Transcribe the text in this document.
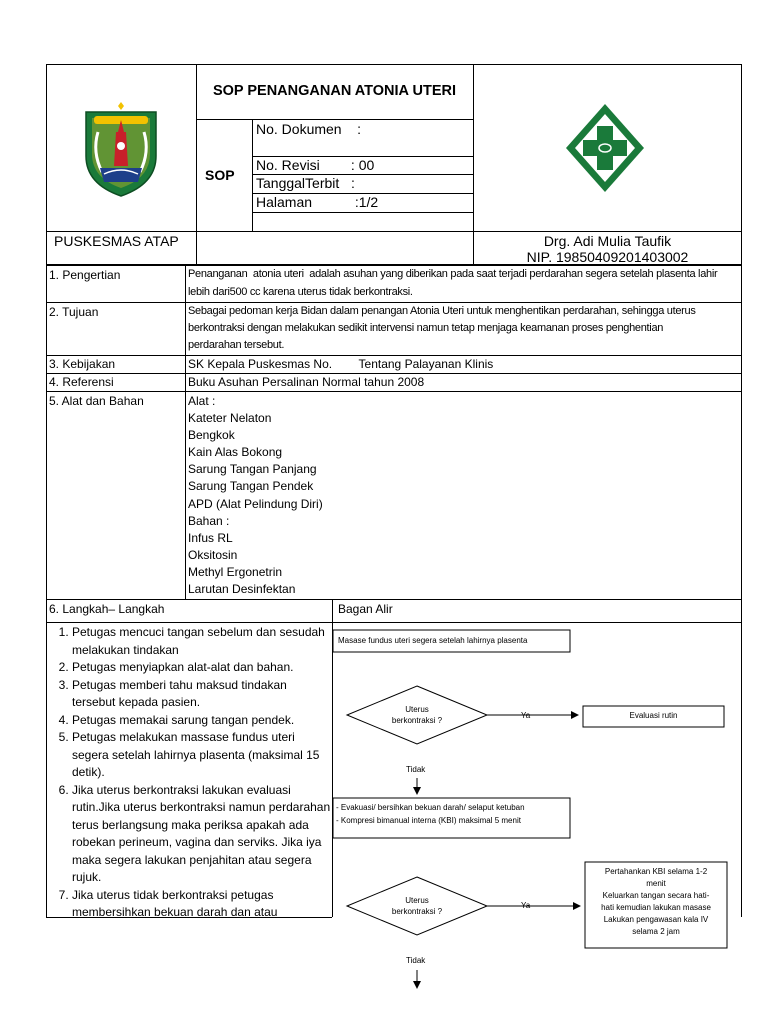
SOP PENANGANAN ATONIA UTERI
SOP
No. Dokumen    :
No. Revisi        : 00
TanggalTerbit   :
Halaman           :1/2
PUSKESMAS ATAP	Drg. Adi Mulia Taufik
NIP. 19850409201403002
1. Pengertian	Penanganan  atonia uteri  adalah asuhan yang diberikan pada saat terjadi perdarahan segera setelah plasenta lahir
lebih dari500 cc karena uterus tidak berkontraksi.
2. Tujuan	Sebagai pedoman kerja Bidan dalam penangan Atonia Uteri untuk menghentikan perdarahan, sehingga uterus
berkontraksi dengan melakukan sedikit intervensi namun tetap menjaga keamanan proses penghentian
perdarahan tersebut.
3. Kebijakan	SK Kepala Puskesmas No.        Tentang Palayanan Klinis
4. Referensi	Buku Asuhan Persalinan Normal tahun 2008
5. Alat dan Bahan	Alat :
Kateter Nelaton
Bengkok
Kain Alas Bokong
Sarung Tangan Panjang
Sarung Tangan Pendek
APD (Alat Pelindung Diri)
Bahan :
Infus RL
Oksitosin
Methyl Ergonetrin
Larutan Desinfektan
6. Langkah– Langkah	Bagan Alir
1. Petugas mencuci tangan sebelum dan sesudah melakukan tindakan
2. Petugas menyiapkan alat-alat dan bahan.
3. Petugas memberi tahu maksud tindakan tersebut kepada pasien.
4. Petugas memakai sarung tangan pendek.
5. Petugas melakukan massase fundus uteri segera setelah lahirnya plasenta (maksimal 15 detik).
6. Jika uterus berkontraksi lakukan evaluasi rutin.Jika uterus berkontraksi namun perdarahan terus berlangsung maka periksa apakah ada robekan perineum, vagina dan serviks. Jika iya maka segera lakukan penjahitan atau segera rujuk.
7. Jika uterus tidak berkontraksi petugas membersihkan bekuan darah dan atau
Masase fundus uteri segera setelah lahirnya plasenta
Uterus
berkontraksi ?
Ya	Evaluasi rutin
Tidak
- Evakuasi/ bersihkan bekuan darah/ selaput ketuban
- Kompresi bimanual interna (KBI) maksimal 5 menit
Uterus
berkontraksi ?
Ya
Tidak
Pertahankan KBI selama 1-2
menit
Keluarkan tangan secara hati-
hati kemudian lakukan masase
Lakukan pengawasan kala IV
selama 2 jam
